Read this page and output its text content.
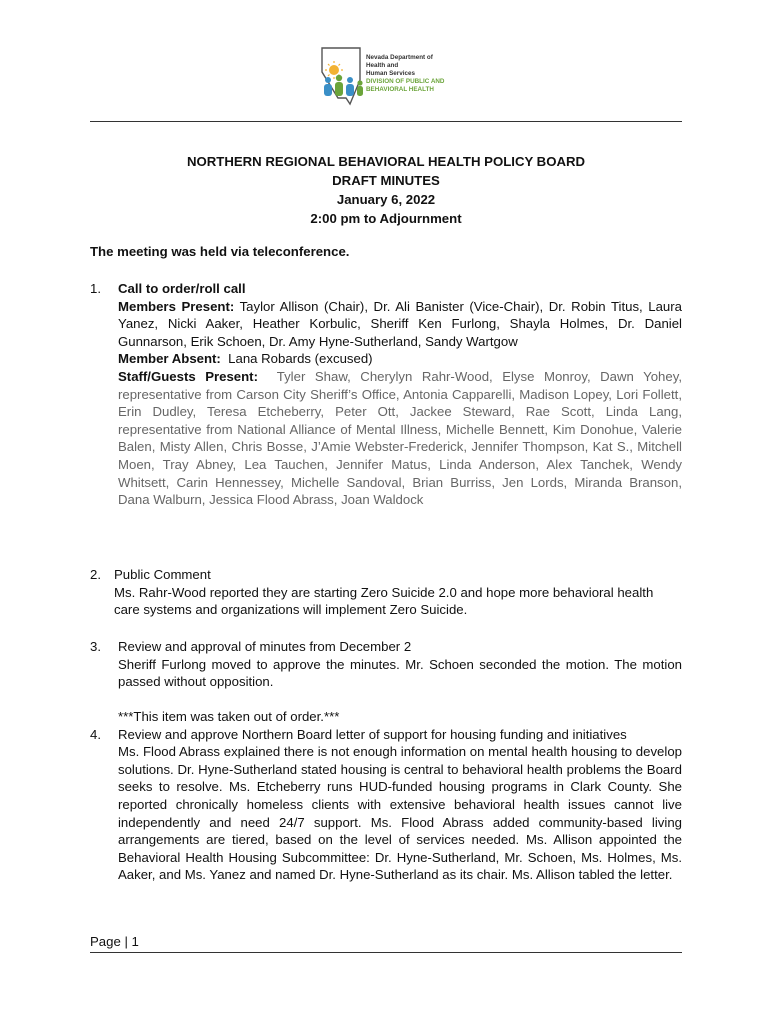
Nevada Department of
Health and
Human Services
DIVISION OF PUBLIC AND
BEHAVIORAL HEALTH
NORTHERN REGIONAL BEHAVIORAL HEALTH POLICY BOARD
DRAFT MINUTES
January 6, 2022
2:00 pm to Adjournment
The meeting was held via teleconference.
1. Call to order/roll call
Members Present: Taylor Allison (Chair), Dr. Ali Banister (Vice-Chair), Dr. Robin Titus, Laura Yanez, Nicki Aaker, Heather Korbulic, Sheriff Ken Furlong, Shayla Holmes, Dr. Daniel Gunnarson, Erik Schoen, Dr. Amy Hyne-Sutherland, Sandy Wartgow
Member Absent: Lana Robards (excused)
Staff/Guests Present: Tyler Shaw, Cherylyn Rahr-Wood, Elyse Monroy, Dawn Yohey, representative from Carson City Sheriff’s Office, Antonia Capparelli, Madison Lopey, Lori Follett, Erin Dudley, Teresa Etcheberry, Peter Ott, Jackee Steward, Rae Scott, Linda Lang, representative from National Alliance of Mental Illness, Michelle Bennett, Kim Donohue, Valerie Balen, Misty Allen, Chris Bosse, J’Amie Webster-Frederick, Jennifer Thompson, Kat S., Mitchell Moen, Tray Abney, Lea Tauchen, Jennifer Matus, Linda Anderson, Alex Tanchek, Wendy Whitsett, Carin Hennessey, Michelle Sandoval, Brian Burriss, Jen Lords, Miranda Branson, Dana Walburn, Jessica Flood Abrass, Joan Waldock
2. Public Comment
Ms. Rahr-Wood reported they are starting Zero Suicide 2.0 and hope more behavioral health care systems and organizations will implement Zero Suicide.
3. Review and approval of minutes from December 2
Sheriff Furlong moved to approve the minutes. Mr. Schoen seconded the motion. The motion passed without opposition.
***This item was taken out of order.***
4. Review and approve Northern Board letter of support for housing funding and initiatives
Ms. Flood Abrass explained there is not enough information on mental health housing to develop solutions. Dr. Hyne-Sutherland stated housing is central to behavioral health problems the Board seeks to resolve. Ms. Etcheberry runs HUD-funded housing programs in Clark County. She reported chronically homeless clients with extensive behavioral health issues cannot live independently and need 24/7 support. Ms. Flood Abrass added community-based living arrangements are tiered, based on the level of services needed. Ms. Allison appointed the Behavioral Health Housing Subcommittee: Dr. Hyne-Sutherland, Mr. Schoen, Ms. Holmes, Ms. Aaker, and Ms. Yanez and named Dr. Hyne-Sutherland as its chair. Ms. Allison tabled the letter.
Page | 1
